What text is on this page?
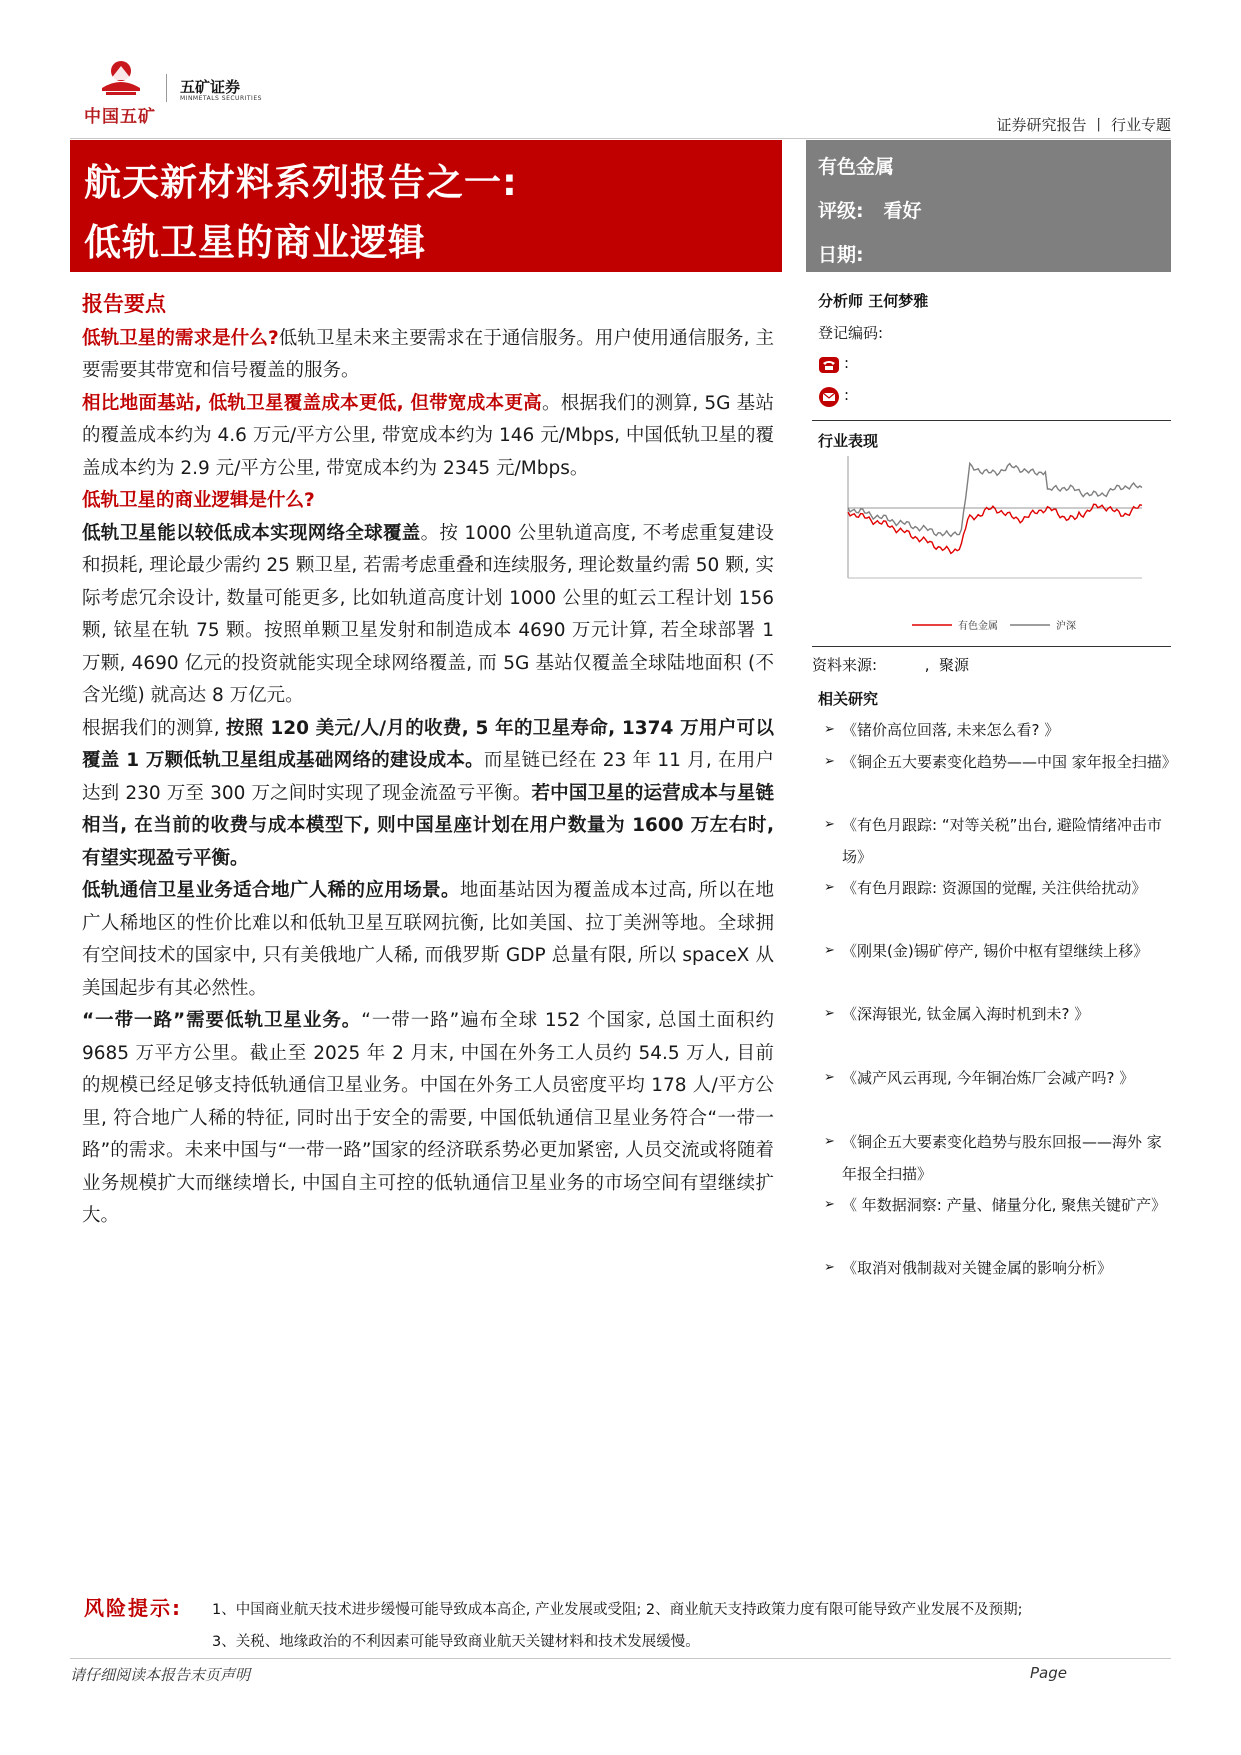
中国五矿
五矿证券
MINMETALS SECURITIES
证券研究报告 丨 行业专题
航天新材料系列报告之一:
低轨卫星的商业逻辑
有色金属
评级:   看好
日期:

报告要点

低轨卫星的需求是什么?低轨卫星未来主要需求在于通信服务。用户使用通信服务, 主要需要其带宽和信号覆盖的服务。

相比地面基站, 低轨卫星覆盖成本更低, 但带宽成本更高。根据我们的测算, 5G 基站的覆盖成本约为 4.6 万元/平方公里, 带宽成本约为 146 元/Mbps, 中国低轨卫星的覆盖成本约为 2.9 元/平方公里, 带宽成本约为 2345 元/Mbps。

低轨卫星的商业逻辑是什么?

低轨卫星能以较低成本实现网络全球覆盖。按 1000 公里轨道高度, 不考虑重复建设和损耗, 理论最少需约 25 颗卫星, 若需考虑重叠和连续服务, 理论数量约需 50 颗, 实际考虑冗余设计, 数量可能更多, 比如轨道高度计划 1000 公里的虹云工程计划 156 颗, 铱星在轨 75 颗。按照单颗卫星发射和制造成本 4690 万元计算, 若全球部署 1 万颗, 4690 亿元的投资就能实现全球网络覆盖, 而 5G 基站仅覆盖全球陆地面积 (不含光缆) 就高达 8 万亿元。

根据我们的测算, 按照 120 美元/人/月的收费, 5 年的卫星寿命, 1374 万用户可以覆盖 1 万颗低轨卫星组成基础网络的建设成本。而星链已经在 23 年 11 月, 在用户达到 230 万至 300 万之间时实现了现金流盈亏平衡。若中国卫星的运营成本与星链相当, 在当前的收费与成本模型下, 则中国星座计划在用户数量为 1600 万左右时, 有望实现盈亏平衡。

低轨通信卫星业务适合地广人稀的应用场景。地面基站因为覆盖成本过高, 所以在地广人稀地区的性价比难以和低轨卫星互联网抗衡, 比如美国、拉丁美洲等地。全球拥有空间技术的国家中, 只有美俄地广人稀, 而俄罗斯 GDP 总量有限, 所以 spaceX 从美国起步有其必然性。

“一带一路”需要低轨卫星业务。“一带一路”遍布全球 152 个国家, 总国土面积约 9685 万平方公里。截止至 2025 年 2 月末, 中国在外务工人员约 54.5 万人, 目前的规模已经足够支持低轨通信卫星业务。中国在外务工人员密度平均 178 人/平方公里, 符合地广人稀的特征, 同时出于安全的需要, 中国低轨通信卫星业务符合“一带一路”的需求。未来中国与“一带一路”国家的经济联系势必更加紧密, 人员交流或将随着业务规模扩大而继续增长, 中国自主可控的低轨通信卫星业务的市场空间有望继续扩大。

分析师 王何梦雅
登记编码:
:
:
行业表现
有色金属	沪深
资料来源:          ,  聚源
相关研究
➢ 《锗价高位回落, 未来怎么看? 》
➢ 《铜企五大要素变化趋势——中国 家年报全扫描》
➢ 《有色月跟踪: “对等关税”出台, 避险情绪冲击市场》
➢ 《有色月跟踪: 资源国的觉醒, 关注供给扰动》
➢ 《刚果(金)锡矿停产, 锡价中枢有望继续上移》
➢ 《深海银光, 钛金属入海时机到未? 》
➢ 《减产风云再现, 今年铜冶炼厂会减产吗? 》
➢ 《铜企五大要素变化趋势与股东回报——海外 家年报全扫描》
➢ 《 年数据洞察: 产量、储量分化, 聚焦关键矿产》
➢ 《取消对俄制裁对关键金属的影响分析》
风险提示: 1、中国商业航天技术进步缓慢可能导致成本高企, 产业发展或受阻; 2、商业航天支持政策力度有限可能导致产业发展不及预期;
3、关税、地缘政治的不利因素可能导致商业航天关键材料和技术发展缓慢。
请仔细阅读本报告末页声明	Page
